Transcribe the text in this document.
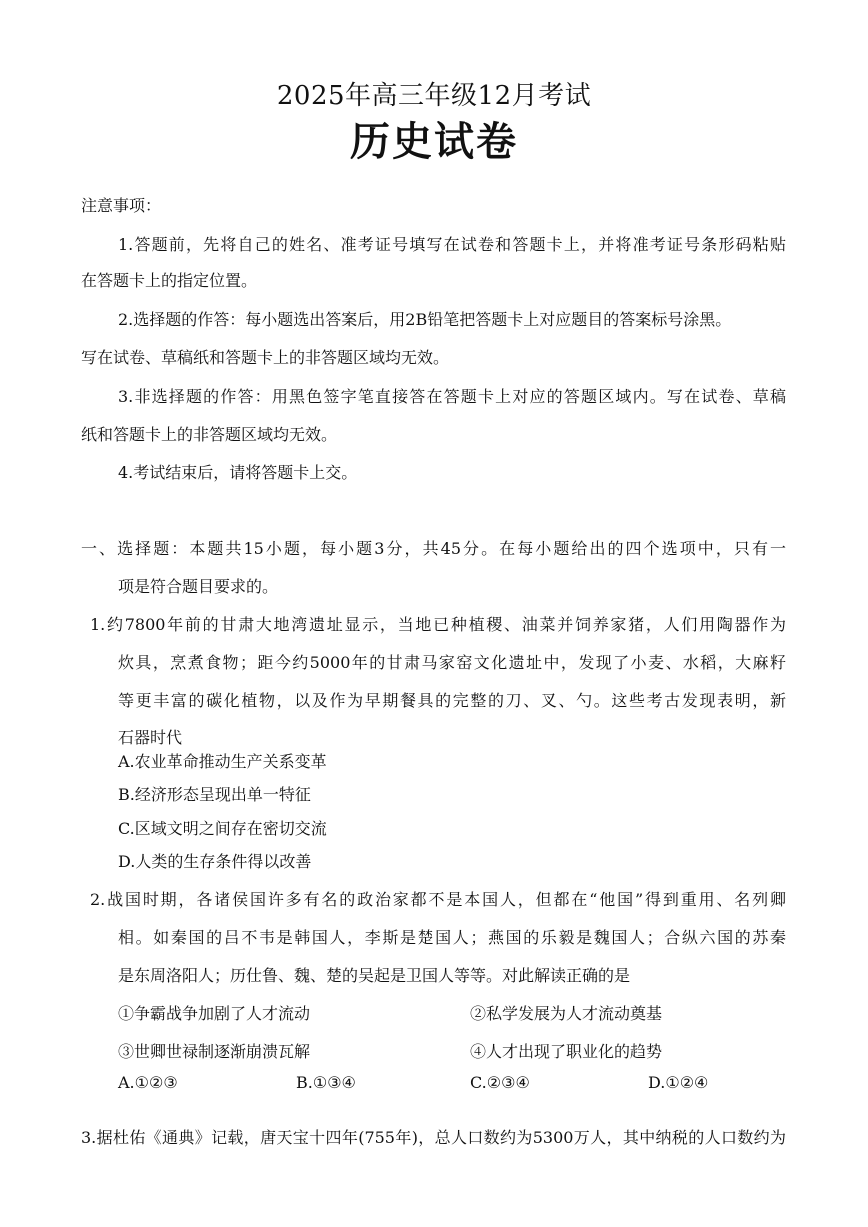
2025年高三年级12月考试
历史试卷
注意事项：
1.答题前，先将自己的姓名、准考证号填写在试卷和答题卡上，并将准考证号条形码粘贴
在答题卡上的指定位置。
2.选择题的作答：每小题选出答案后，用2B铅笔把答题卡上对应题目的答案标号涂黑。
写在试卷、草稿纸和答题卡上的非答题区域均无效。
3.非选择题的作答：用黑色签字笔直接答在答题卡上对应的答题区域内。写在试卷、草稿
纸和答题卡上的非答题区域均无效。
4.考试结束后，请将答题卡上交。
一、选择题：本题共15小题，每小题3分，共45分。在每小题给出的四个选项中，只有一
项是符合题目要求的。
1.约7800年前的甘肃大地湾遗址显示，当地已种植稷、油菜并饲养家猪，人们用陶器作为
炊具，烹煮食物；距今约5000年的甘肃马家窑文化遗址中，发现了小麦、水稻，大麻籽
等更丰富的碳化植物，以及作为早期餐具的完整的刀、叉、勺。这些考古发现表明，新
石器时代
A.农业革命推动生产关系变革
B.经济形态呈现出单一特征
C.区域文明之间存在密切交流
D.人类的生存条件得以改善
2.战国时期，各诸侯国许多有名的政治家都不是本国人，但都在“他国”得到重用、名列卿
相。如秦国的吕不韦是韩国人，李斯是楚国人；燕国的乐毅是魏国人；合纵六国的苏秦
是东周洛阳人；历仕鲁、魏、楚的吴起是卫国人等等。对此解读正确的是
①争霸战争加剧了人才流动	②私学发展为人才流动奠基
③世卿世禄制逐渐崩溃瓦解	④人才出现了职业化的趋势
A.①②③	B.①③④	C.②③④	D.①②④
3.据杜佑《通典》记载，唐天宝十四年(755年)，总人口数约为5300万人，其中纳税的人口数约为
